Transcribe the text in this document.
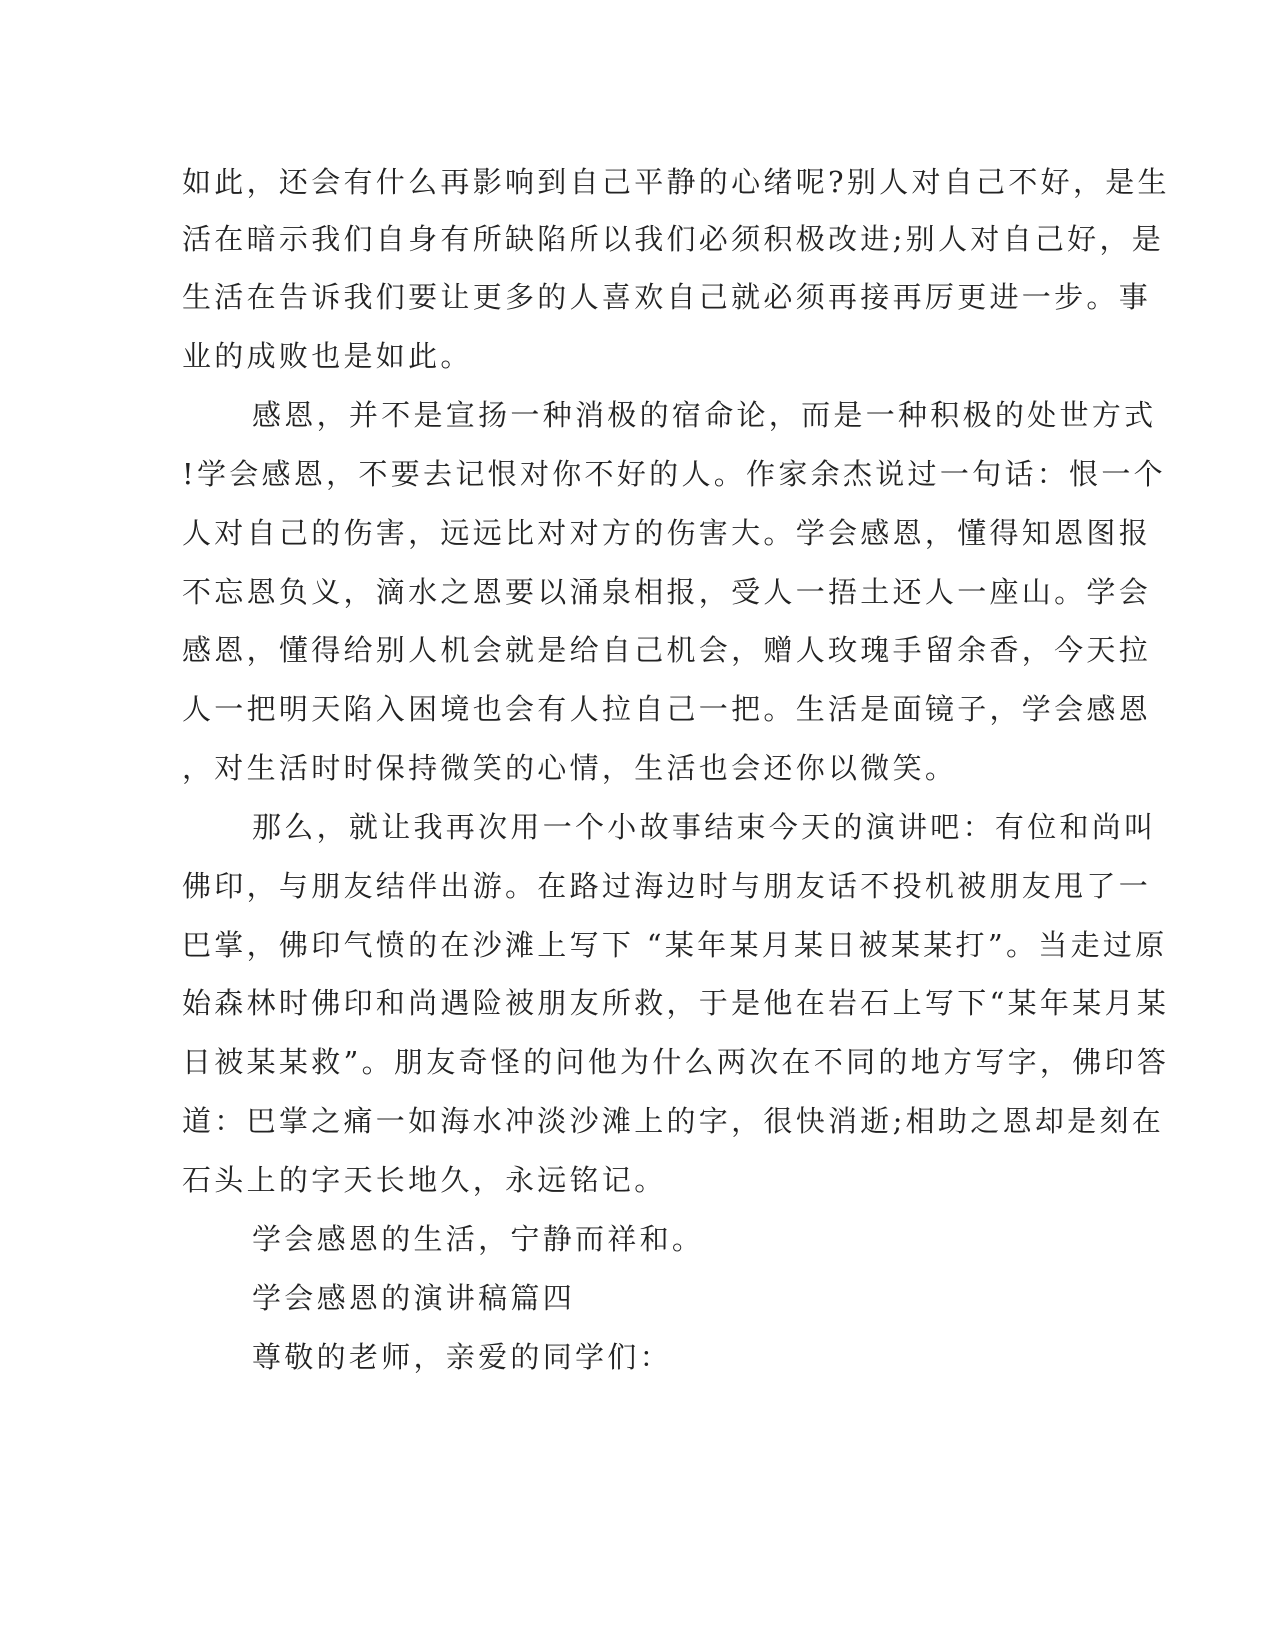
如此，还会有什么再影响到自己平静的心绪呢?别人对自己不好，是生
活在暗示我们自身有所缺陷所以我们必须积极改进;别人对自己好，是
生活在告诉我们要让更多的人喜欢自己就必须再接再厉更进一步。事
业的成败也是如此。
感恩，并不是宣扬一种消极的宿命论，而是一种积极的处世方式
!学会感恩，不要去记恨对你不好的人。作家余杰说过一句话：恨一个
人对自己的伤害，远远比对对方的伤害大。学会感恩，懂得知恩图报
不忘恩负义，滴水之恩要以涌泉相报，受人一捂土还人一座山。学会
感恩，懂得给别人机会就是给自己机会，赠人玫瑰手留余香，今天拉
人一把明天陷入困境也会有人拉自己一把。生活是面镜子，学会感恩
，对生活时时保持微笑的心情，生活也会还你以微笑。
那么，就让我再次用一个小故事结束今天的演讲吧：有位和尚叫
佛印，与朋友结伴出游。在路过海边时与朋友话不投机被朋友甩了一
巴掌，佛印气愤的在沙滩上写下 “某年某月某日被某某打”。当走过原
始森林时佛印和尚遇险被朋友所救，于是他在岩石上写下“某年某月某
日被某某救”。朋友奇怪的问他为什么两次在不同的地方写字，佛印答
道：巴掌之痛一如海水冲淡沙滩上的字，很快消逝;相助之恩却是刻在
石头上的字天长地久，永远铭记。
学会感恩的生活，宁静而祥和。
学会感恩的演讲稿篇四
尊敬的老师，亲爱的同学们：
